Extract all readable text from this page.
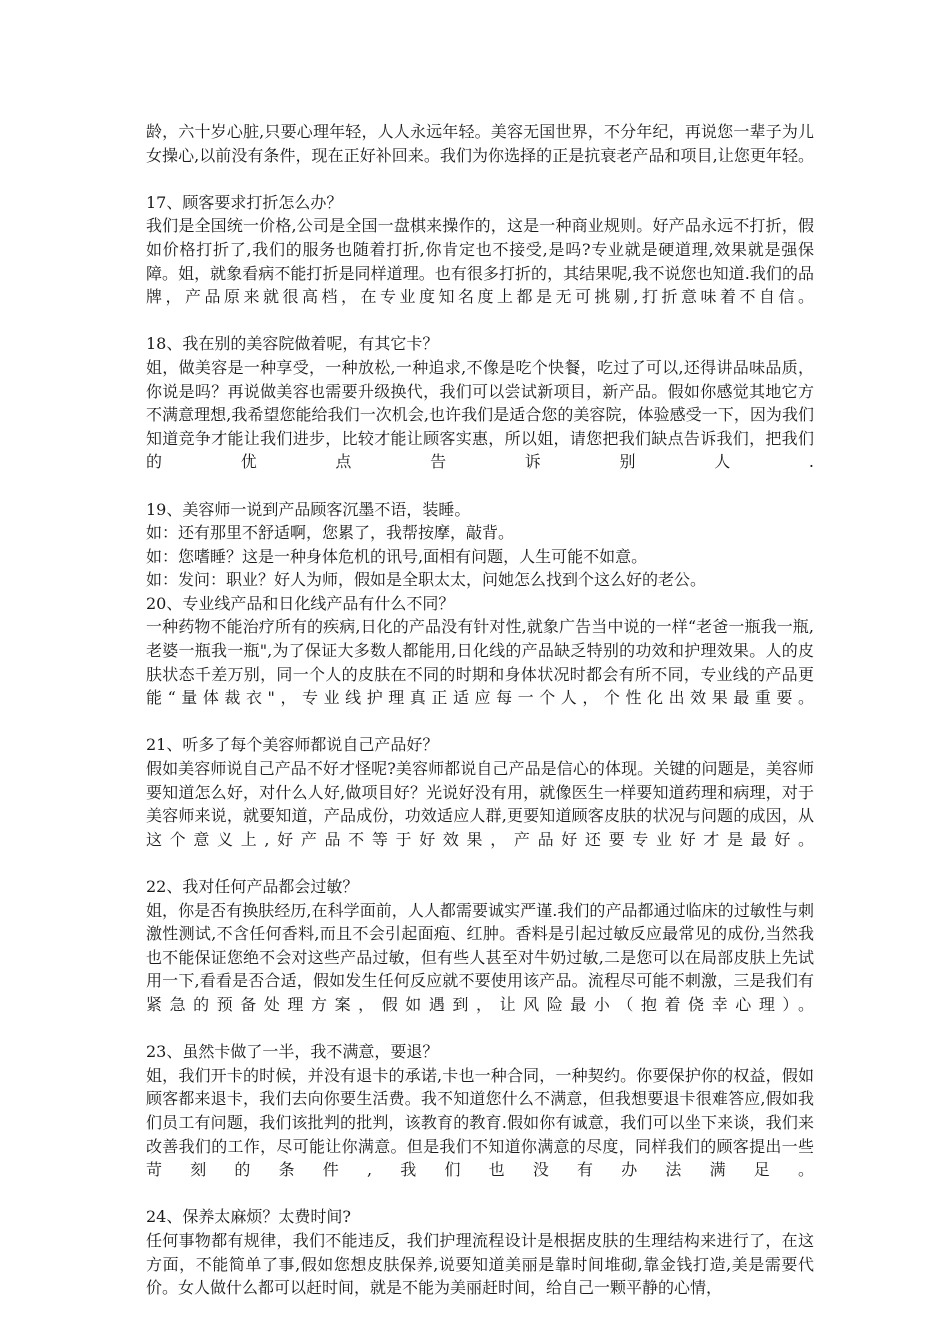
龄，六十岁心脏,只要心理年轻，人人永远年轻。美容无国世界，不分年纪，再说您一辈子为儿女操心,以前没有条件，现在正好补回来。我们为你选择的正是抗衰老产品和项目,让您更年轻。

17、顾客要求打折怎么办？

我们是全国统一价格,公司是全国一盘棋来操作的，这是一种商业规则。好产品永远不打折，假如价格打折了,我们的服务也随着打折,你肯定也不接受,是吗?专业就是硬道理,效果就是强保障。姐，就象看病不能打折是同样道理。也有很多打折的，其结果呢,我不说您也知道.我们的品牌，产品原来就很高档，在专业度知名度上都是无可挑剔,打折意味着不自信。

18、我在别的美容院做着呢，有其它卡？

姐，做美容是一种享受，一种放松,一种追求,不像是吃个快餐，吃过了可以,还得讲品味品质，你说是吗？再说做美容也需要升级换代，我们可以尝试新项目，新产品。假如你感觉其地它方不满意理想,我希望您能给我们一次机会,也许我们是适合您的美容院，体验感受一下，因为我们知道竞争才能让我们进步，比较才能让顾客实惠，所以姐，请您把我们缺点告诉我们，把我们的优点告诉别人.

19、美容师一说到产品顾客沉墨不语，装睡。

如：还有那里不舒适啊，您累了，我帮按摩，敲背。

如：您嗜睡？这是一种身体危机的讯号,面相有问题，人生可能不如意。

如：发问：职业？好人为师，假如是全职太太，问她怎么找到个这么好的老公。

20、专业线产品和日化线产品有什么不同？

一种药物不能治疗所有的疾病,日化的产品没有针对性,就象广告当中说的一样“老爸一瓶我一瓶,老婆一瓶我一瓶",为了保证大多数人都能用,日化线的产品缺乏特别的功效和护理效果。人的皮肤状态千差万别，同一个人的皮肤在不同的时期和身体状况时都会有所不同，专业线的产品更能“量体裁衣"，专业线护理真正适应每一个人，个性化出效果最重要。

21、听多了每个美容师都说自己产品好？

假如美容师说自己产品不好才怪呢?美容师都说自己产品是信心的体现。关键的问题是，美容师要知道怎么好，对什么人好,做项目好？光说好没有用，就像医生一样要知道药理和病理，对于美容师来说，就要知道，产品成份，功效适应人群,更要知道顾客皮肤的状况与问题的成因，从这个意义上,好产品不等于好效果，产品好还要专业好才是最好。

22、我对任何产品都会过敏？

姐，你是否有换肤经历,在科学面前，人人都需要诚实严谨.我们的产品都通过临床的过敏性与刺激性测试,不含任何香料,而且不会引起面疱、红肿。香料是引起过敏反应最常见的成份,当然我也不能保证您绝不会对这些产品过敏，但有些人甚至对牛奶过敏,二是您可以在局部皮肤上先试用一下,看看是否合适，假如发生任何反应就不要使用该产品。流程尽可能不刺激，三是我们有紧急的预备处理方案，假如遇到，让风险最小（抱着侥幸心理）。

23、虽然卡做了一半，我不满意，要退？

姐，我们开卡的时候，并没有退卡的承诺,卡也一种合同，一种契约。你要保护你的权益，假如顾客都来退卡，我们去向你要生活费。我不知道您什么不满意，但我想要退卡很难答应,假如我们员工有问题，我们该批判的批判，该教育的教育.假如你有诚意，我们可以坐下来谈，我们来改善我们的工作，尽可能让你满意。但是我们不知道你满意的尽度，同样我们的顾客提出一些苛刻的条件,我们也没有办法满足。

24、保养太麻烦？太费时间?

任何事物都有规律，我们不能违反，我们护理流程设计是根据皮肤的生理结构来进行了，在这方面，不能简单了事,假如您想皮肤保养,说要知道美丽是靠时间堆砌,靠金钱打造,美是需要代价。女人做什么都可以赶时间，就是不能为美丽赶时间，给自己一颗平静的心情，
